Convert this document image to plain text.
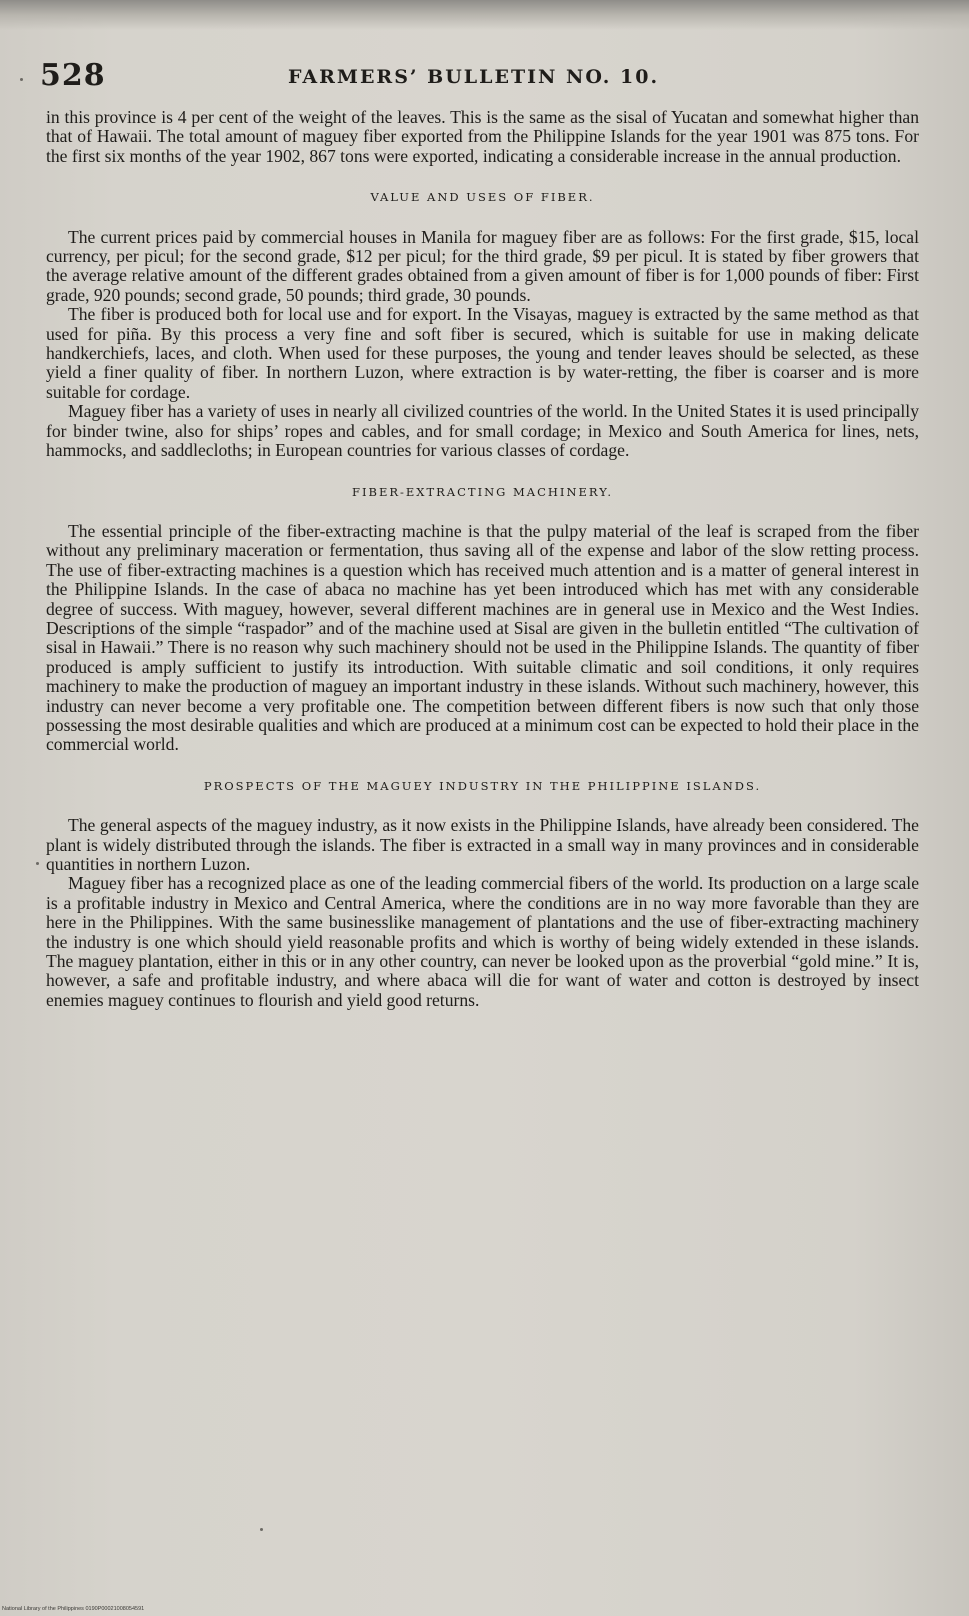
528	FARMERS’ BULLETIN NO. 10.

in this province is 4 per cent of the weight of the leaves. This is the same as the sisal of Yucatan and somewhat higher than that of Hawaii. The total amount of maguey fiber exported from the Philippine Islands for the year 1901 was 875 tons. For the first six months of the year 1902, 867 tons were exported, indicating a considerable increase in the annual production.

VALUE AND USES OF FIBER.

The current prices paid by commercial houses in Manila for maguey fiber are as follows: For the first grade, $15, local currency, per picul; for the second grade, $12 per picul; for the third grade, $9 per picul. It is stated by fiber growers that the average relative amount of the different grades obtained from a given amount of fiber is for 1,000 pounds of fiber: First grade, 920 pounds; second grade, 50 pounds; third grade, 30 pounds.

The fiber is produced both for local use and for export. In the Visayas, maguey is extracted by the same method as that used for piña. By this process a very fine and soft fiber is secured, which is suitable for use in making delicate handkerchiefs, laces, and cloth. When used for these purposes, the young and tender leaves should be selected, as these yield a finer quality of fiber. In northern Luzon, where extraction is by water-retting, the fiber is coarser and is more suitable for cordage.

Maguey fiber has a variety of uses in nearly all civilized countries of the world. In the United States it is used principally for binder twine, also for ships’ ropes and cables, and for small cordage; in Mexico and South America for lines, nets, hammocks, and saddlecloths; in European countries for various classes of cordage.

FIBER-EXTRACTING MACHINERY.

The essential principle of the fiber-extracting machine is that the pulpy material of the leaf is scraped from the fiber without any preliminary maceration or fermentation, thus saving all of the expense and labor of the slow retting process. The use of fiber-extracting machines is a question which has received much attention and is a matter of general interest in the Philippine Islands. In the case of abaca no machine has yet been introduced which has met with any considerable degree of success. With maguey, however, several different machines are in general use in Mexico and the West Indies. Descriptions of the simple “raspador” and of the machine used at Sisal are given in the bulletin entitled “The cultivation of sisal in Hawaii.” There is no reason why such machinery should not be used in the Philippine Islands. The quantity of fiber produced is amply sufficient to justify its introduction. With suitable climatic and soil conditions, it only requires machinery to make the production of maguey an important industry in these islands. Without such machinery, however, this industry can never become a very profitable one. The competition between different fibers is now such that only those possessing the most desirable qualities and which are produced at a minimum cost can be expected to hold their place in the commercial world.

PROSPECTS OF THE MAGUEY INDUSTRY IN THE PHILIPPINE ISLANDS.

The general aspects of the maguey industry, as it now exists in the Philippine Islands, have already been considered. The plant is widely distributed through the islands. The fiber is extracted in a small way in many provinces and in considerable quantities in northern Luzon.

Maguey fiber has a recognized place as one of the leading commercial fibers of the world. Its production on a large scale is a profitable industry in Mexico and Central America, where the conditions are in no way more favorable than they are here in the Philippines. With the same businesslike management of plantations and the use of fiber-extracting machinery the industry is one which should yield reasonable profits and which is worthy of being widely extended in these islands. The maguey plantation, either in this or in any other country, can never be looked upon as the proverbial “gold mine.” It is, however, a safe and profitable industry, and where abaca will die for want of water and cotton is destroyed by insect enemies maguey continues to flourish and yield good returns.

National Library of the Philippines 0190P00021008054591
